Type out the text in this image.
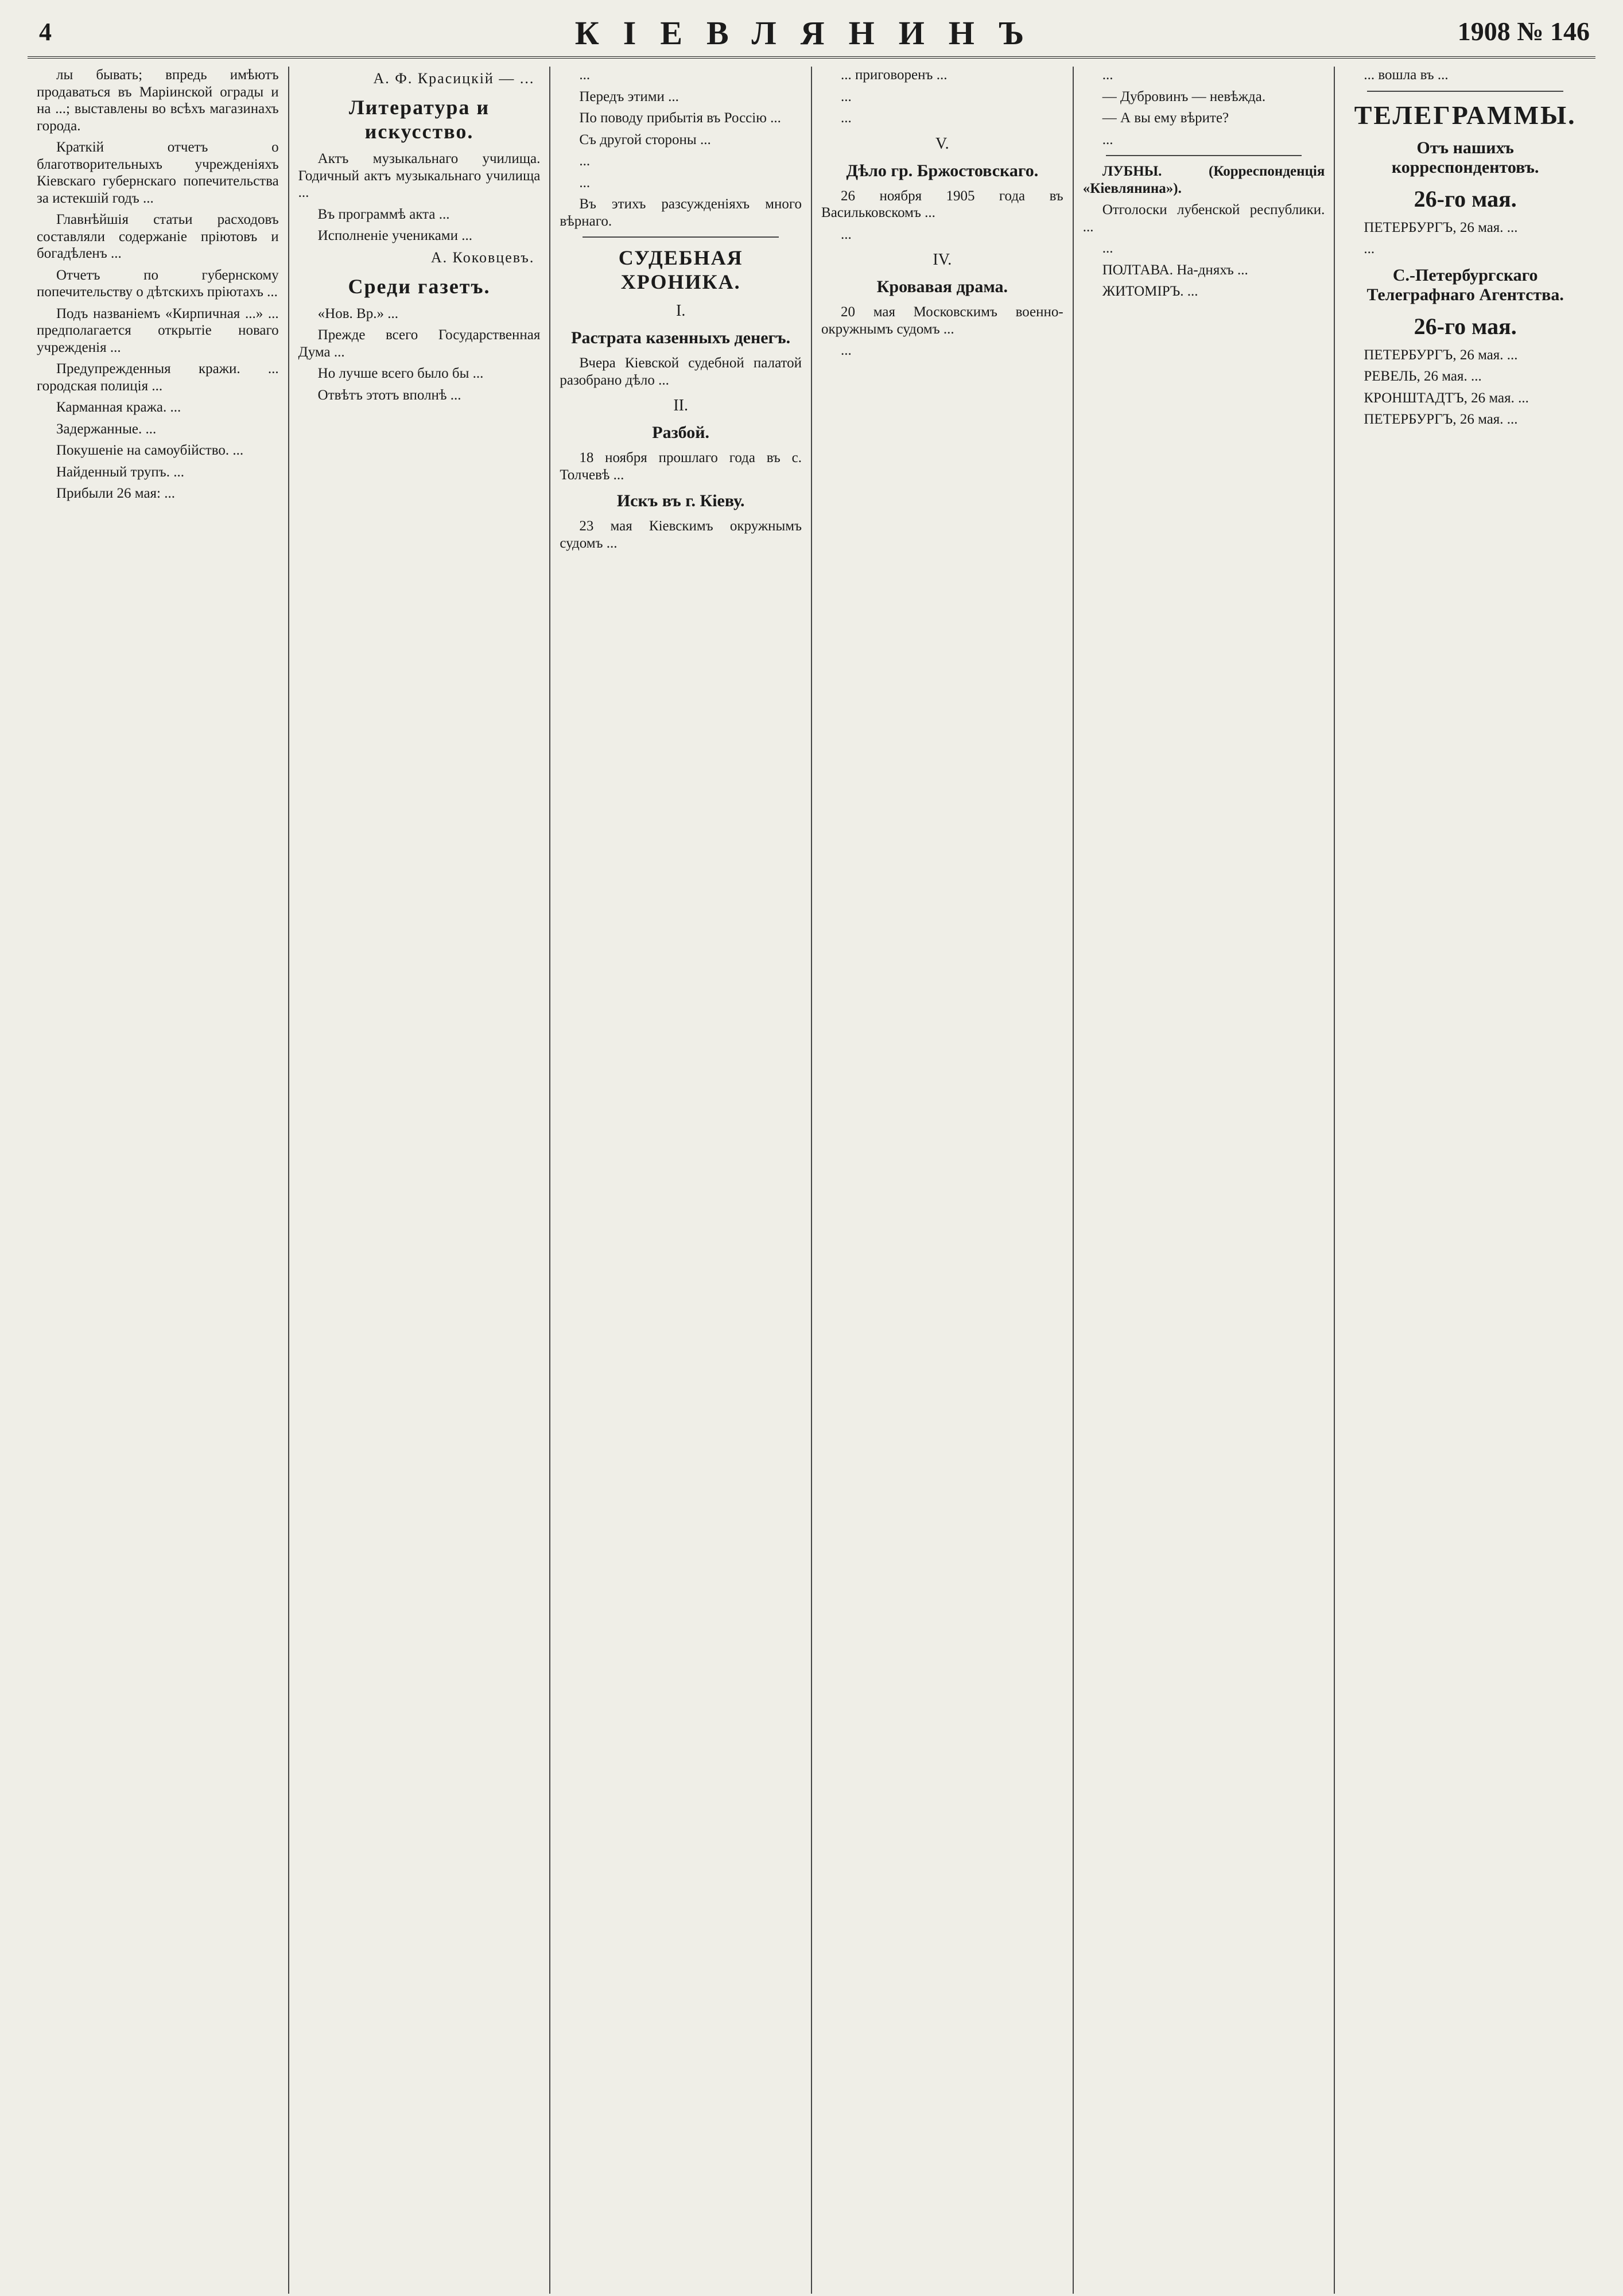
4	КІЕВЛЯНИНЪ	1908 № 146

лы бывать; впредь имѣютъ продаваться въ Маріинской ограды и на ...; выставлены во всѣхъ магазинахъ города.

Краткій отчетъ о благотворительныхъ учрежденіяхъ Кіевскаго губернскаго попечительства за истекшій годъ ...

Главнѣйшія статьи расходовъ составляли содержаніе пріютовъ и богадѣленъ ...

Отчетъ по губернскому попечительству о дѣтскихъ пріютахъ ...

Подъ названіемъ «Кирпичная ...» ... предполагается открытіе новаго учрежденія ...

Предупрежденныя кражи. ... городская полиція ...

Карманная кража. ...

Задержанные. ...

Покушеніе на самоубійство. ...

Найденный трупъ. ...

Прибыли 26 мая: ...

А. Ф. Красицкій — ...
Литература и искусство.

Актъ музыкальнаго училища. Годичный актъ музыкальнаго училища ...

Въ программѣ акта ...

Исполненіе учениками ...

А. Коковцевъ.
Среди газетъ.

«Нов. Вр.» ...

Прежде всего Государственная Дума ...

Но лучше всего было бы ...

Отвѣтъ этотъ вполнѣ ...

...

Передъ этими ...

По поводу прибытія въ Россію ...

Съ другой стороны ...

...

...

Въ этихъ разсужденіяхъ много вѣрнаго.

СУДЕБНАЯ ХРОНИКА.
I.
Растрата казенныхъ денегъ.

Вчера Кіевской судебной палатой разобрано дѣло ...

II.
Разбой.

18 ноября прошлаго года въ с. Толчевѣ ...

Искъ въ г. Кіеву.

23 мая Кіевскимъ окружнымъ судомъ ...

... приговоренъ ...

...

...

V.
Дѣло гр. Бржостовскаго.

26 ноября 1905 года въ Васильковскомъ ...

...

IV.
Кровавая драма.

20 мая Московскимъ военно-окружнымъ судомъ ...

...

...

— Дубровинъ — невѣжда.

— А вы ему вѣрите?

...

ЛУБНЫ. (Корреспонденція «Кіевлянина»).

Отголоски лубенской республики. ...

...

ПОЛТАВА. На-дняхъ ...

ЖИТОМІРЪ. ...

... вошла въ ...

ТЕЛЕГРАММЫ.
Отъ нашихъ корреспондентовъ.
26-го мая.

ПЕТЕРБУРГЪ, 26 мая. ...

...

С.-Петербургскаго Телеграфнаго Агентства.
26-го мая.

ПЕТЕРБУРГЪ, 26 мая. ...

РЕВЕЛЬ, 26 мая. ...

КРОНШТАДТЪ, 26 мая. ...

ПЕТЕРБУРГЪ, 26 мая. ...
